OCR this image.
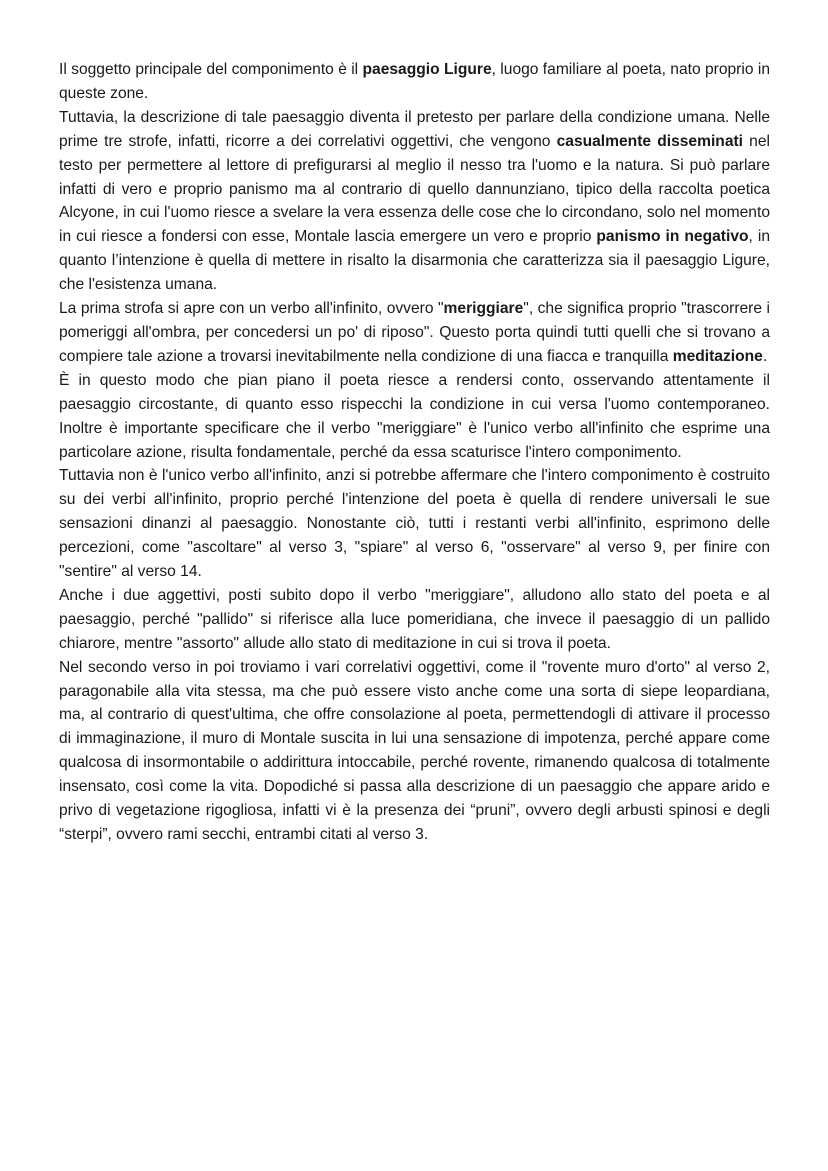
Il soggetto principale del componimento è il paesaggio Ligure, luogo familiare al poeta, nato proprio in queste zone.

Tuttavia, la descrizione di tale paesaggio diventa il pretesto per parlare della condizione umana. Nelle prime tre strofe, infatti, ricorre a dei correlativi oggettivi, che vengono casualmente disseminati nel testo per permettere al lettore di prefigurarsi al meglio il nesso tra l'uomo e la natura. Si può parlare infatti di vero e proprio panismo ma al contrario di quello dannunziano, tipico della raccolta poetica Alcyone, in cui l'uomo riesce a svelare la vera essenza delle cose che lo circondano, solo nel momento in cui riesce a fondersi con esse, Montale lascia emergere un vero e proprio panismo in negativo, in quanto l’intenzione è quella di mettere in risalto la disarmonia che caratterizza sia il paesaggio Ligure, che l'esistenza umana.

La prima strofa si apre con un verbo all'infinito, ovvero "meriggiare", che significa proprio "trascorrere i pomeriggi all'ombra, per concedersi un po' di riposo". Questo porta quindi tutti quelli che si trovano a compiere tale azione a trovarsi inevitabilmente nella condizione di una fiacca e tranquilla meditazione.

È in questo modo che pian piano il poeta riesce a rendersi conto, osservando attentamente il paesaggio circostante, di quanto esso rispecchi la condizione in cui versa l'uomo contemporaneo. Inoltre è importante specificare che il verbo "meriggiare" è l'unico verbo all'infinito che esprime una particolare azione, risulta fondamentale, perché da essa scaturisce l'intero componimento.

Tuttavia non è l'unico verbo all'infinito, anzi si potrebbe affermare che l'intero componimento è costruito su dei verbi all'infinito, proprio perché l'intenzione del poeta è quella di rendere universali le sue sensazioni dinanzi al paesaggio. Nonostante ciò, tutti i restanti verbi all'infinito, esprimono delle percezioni, come "ascoltare" al verso 3, "spiare" al verso 6, "osservare" al verso 9, per finire con "sentire" al verso 14.

Anche i due aggettivi, posti subito dopo il verbo "meriggiare", alludono allo stato del poeta e al paesaggio, perché "pallido" si riferisce alla luce pomeridiana, che invece il paesaggio di un pallido chiarore, mentre "assorto" allude allo stato di meditazione in cui si trova il poeta.

Nel secondo verso in poi troviamo i vari correlativi oggettivi, come il "rovente muro d'orto" al verso 2, paragonabile alla vita stessa, ma che può essere visto anche come una sorta di siepe leopardiana, ma, al contrario di quest'ultima, che offre consolazione al poeta, permettendogli di attivare il processo di immaginazione, il muro di Montale suscita in lui una sensazione di impotenza, perché appare come qualcosa di insormontabile o addirittura intoccabile, perché rovente, rimanendo qualcosa di totalmente insensato, così come la vita. Dopodiché si passa alla descrizione di un paesaggio che appare arido e privo di vegetazione rigogliosa, infatti vi è la presenza dei “pruni”, ovvero degli arbusti spinosi e degli “sterpi”, ovvero rami secchi, entrambi citati al verso 3.
